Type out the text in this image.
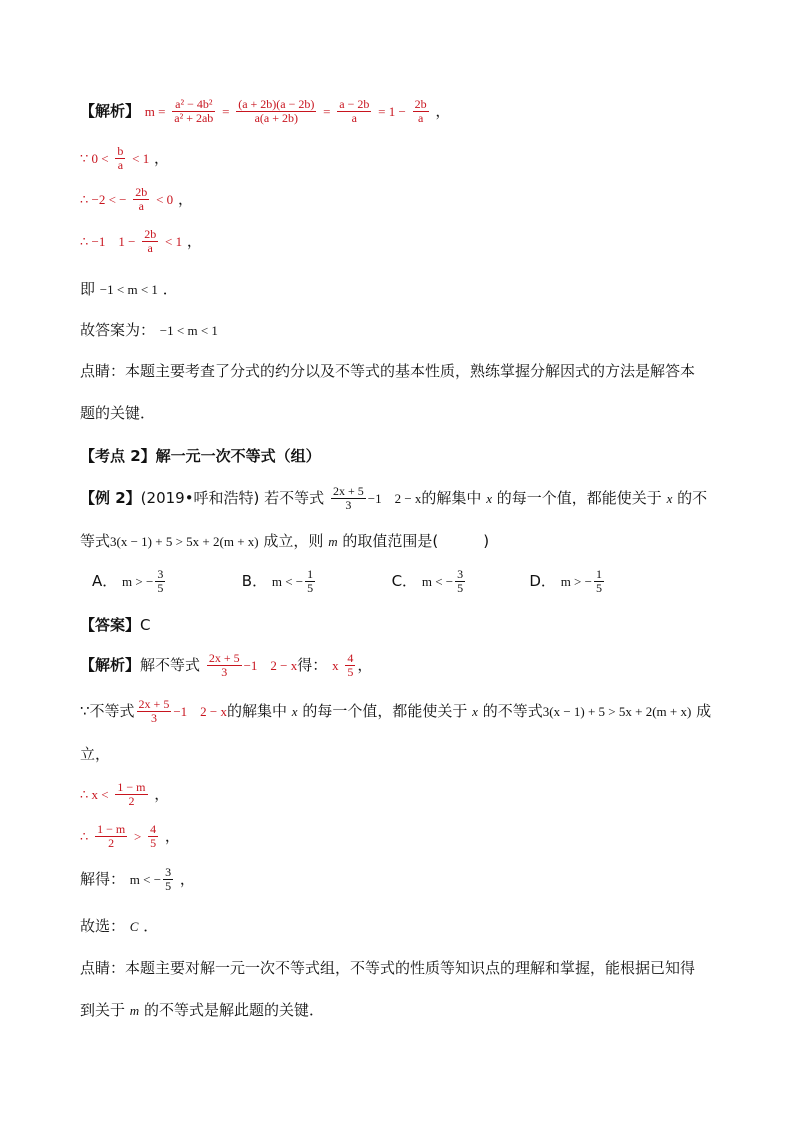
【解析】 $m = \frac{\text{a² − 4b²}}{\text{a² + 2ab}} = \frac{(a + 2b)(a - 2b)}{a(a + 2b)} = \frac{a - 2b}{a} = 1 - \frac{2b}{a}$ ，
∵ $0 < \frac{b}{a} < 1$ ，
∴ −2 < − $\frac{2b}{a} < 0$ ，
∴ −1　$1 - \frac{2b}{a} < 1$ ，
即 −1 < m < 1 ．
故答案为： −1 < m < 1
点睛：本题主要考查了分式的约分以及不等式的基本性质，熟练掌握分解因式的方法是解答本
题的关键．
【考点 2】解一元一次不等式（组）
【例 2】(2019•呼和浩特) 若不等式 $\frac{2x + 5}{3} -1$　2 − x的解集中 x 的每一个值，都能使关于 x 的不
等式3(x − 1) + 5 > 5x + 2(m + x) 成立，则 m 的取值范围是(　　　)
A． m > − $\frac{3}{5}$	B． m < − $\frac{1}{5}$	C． m < − $\frac{3}{5}$	D． m > − $\frac{1}{5}$
【答案】C
【解析】解不等式 $\frac{2x + 5}{3} -1$　2 − x得： x $\frac{4}{5}$ ，
∵不等式 $\frac{2x + 5}{3} -1$　2 − x的解集中 x 的每一个值，都能使关于 x 的不等式3(x − 1) + 5 > 5x + 2(m + x) 成
立，
∴ $x < \frac{1 - m}{2}$ ，
∴ $\frac{1 - m}{2} > \frac{4}{5}$ ，
解得： m < − $\frac{3}{5}$ ，
故选： C ．
点睛：本题主要对解一元一次不等式组，不等式的性质等知识点的理解和掌握，能根据已知得
到关于 m 的不等式是解此题的关键．
